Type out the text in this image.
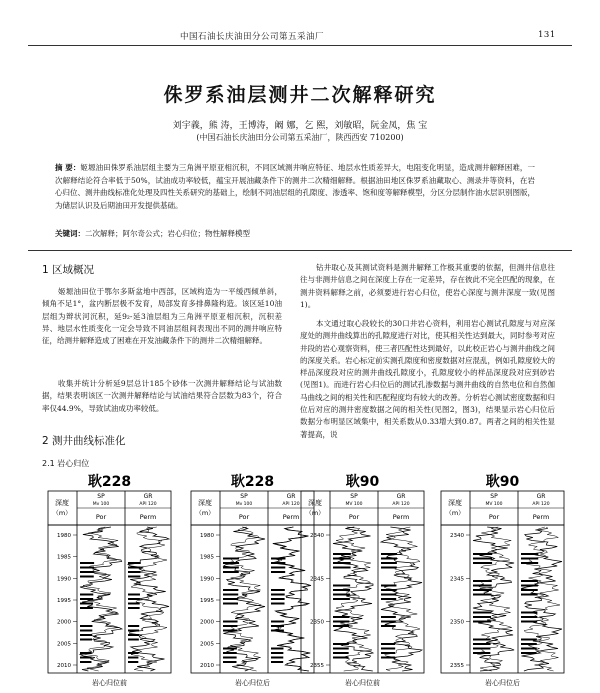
中国石油长庆油田分公司第五采油厂	131
侏罗系油层测井二次解释研究
刘宇義，熊 涛，王博涛，阚 娜，乞 熙，刘敏昭，阮金凤，焦 宝
(中国石油长庆油田分公司第五采油厂，陕西西安 710200)
摘 要：姬塬油田侏罗系油层组主要为三角洲平原亚相沉积，不同区域测井响应特征、地层水性质差异大，电阻变化明显，造成测井解释困难，一次解释结论符合率低于50%，试油成功率较低，蕴宝开展油藏条件下的测井二次精细解释。根据油田地区侏罗系油藏取心、测录井等资料，在岩心归位、测井曲线标准化处理及四性关系研究的基础上，绘制不同油层组的孔隙度、渗透率、饱和度等解释模型，分区分层制作油水层识别图版，为储层认识及后期油田开发提供基础。
关键词：二次解释；阿尔奇公式；岩心归位；物性解释模型
1 区域概况
姬塬油田位于鄂尔多斯盆地中西部，区域构造为一平缓西倾单斜，倾角不足1°，盆内断层极不发育，局部发育多排鼻隆构造。该区延10油层组为辫状河沉积，延9₂-延3油层组为三角洲平原亚相沉积，沉积差异、地层水性质变化一定会导致不同油层组间表现出不同的测井响应特征，给测井解释造成了困难在开发油藏条件下的测井二次精细解释。
收集并统计分析延9层总计185个砂体一次测井解释结论与试油数据，结果表明该区一次测井解释结论与试油结果符合层数为83个，符合率仅44.9%，导致试油成功率较低。
2 测井曲线标准化
2.1 岩心归位
钻井取心及其测试资料是测井解释工作极其重要的依据，但测井信息往往与非测井信息之间在深度上存在一定差异，存在彼此不完全匹配的现象，在测井资料解释之前，必须要进行岩心归位，使岩心深度与测井深度一致(见图1)。
本文通过取心段较长的30口井岩心资料，利用岩心测试孔隙度与对应深度处的测井曲线算出的孔隙度进行对比，使其相关性达到最大，同时参考对应井段的岩心观察资料，使三者匹配性达到最好，以此校正岩心与测井曲线之间的深度关系。岩心标定前实测孔隙度和密度数据对应混乱，例如孔隙度较大的样品深度段对应的测井曲线孔隙度小，孔隙度较小的样品深度段对应到砂岩(见图1)。而进行岩心归位后的测试孔渗数据与测井曲线的自然电位和自然伽马曲线之间的相关性和匹配程度均有较大的改善。分析岩心测试密度数据和归位后对应的测井密度数据之间的相关性(见图2，图3)，结果显示岩心归位后数据分布明显区域集中，相关系数从0.33增大到0.87。两者之间的相关性显著提高，说
耿228
深度
（m）
SP
Mv 100
GR
API 120
Por	Perm
1980
1985
1990
1995
2000
2005
2010
岩心归位前
耿228
深度
（m）
SP
Mv 100
GR
API 120
Por	Perm
1980
1985
1990
1995
2000
2005
2010
岩心归位后
耿90
深度
（m）
SP
MV 100
GR
API 120
Por	Perm
2340
2345
2350
2355
岩心归位前
耿90
深度
（m）
SP
MV 100
GR
API 120
Por	Perm
2340
2345
2350
2355
岩心归位后
